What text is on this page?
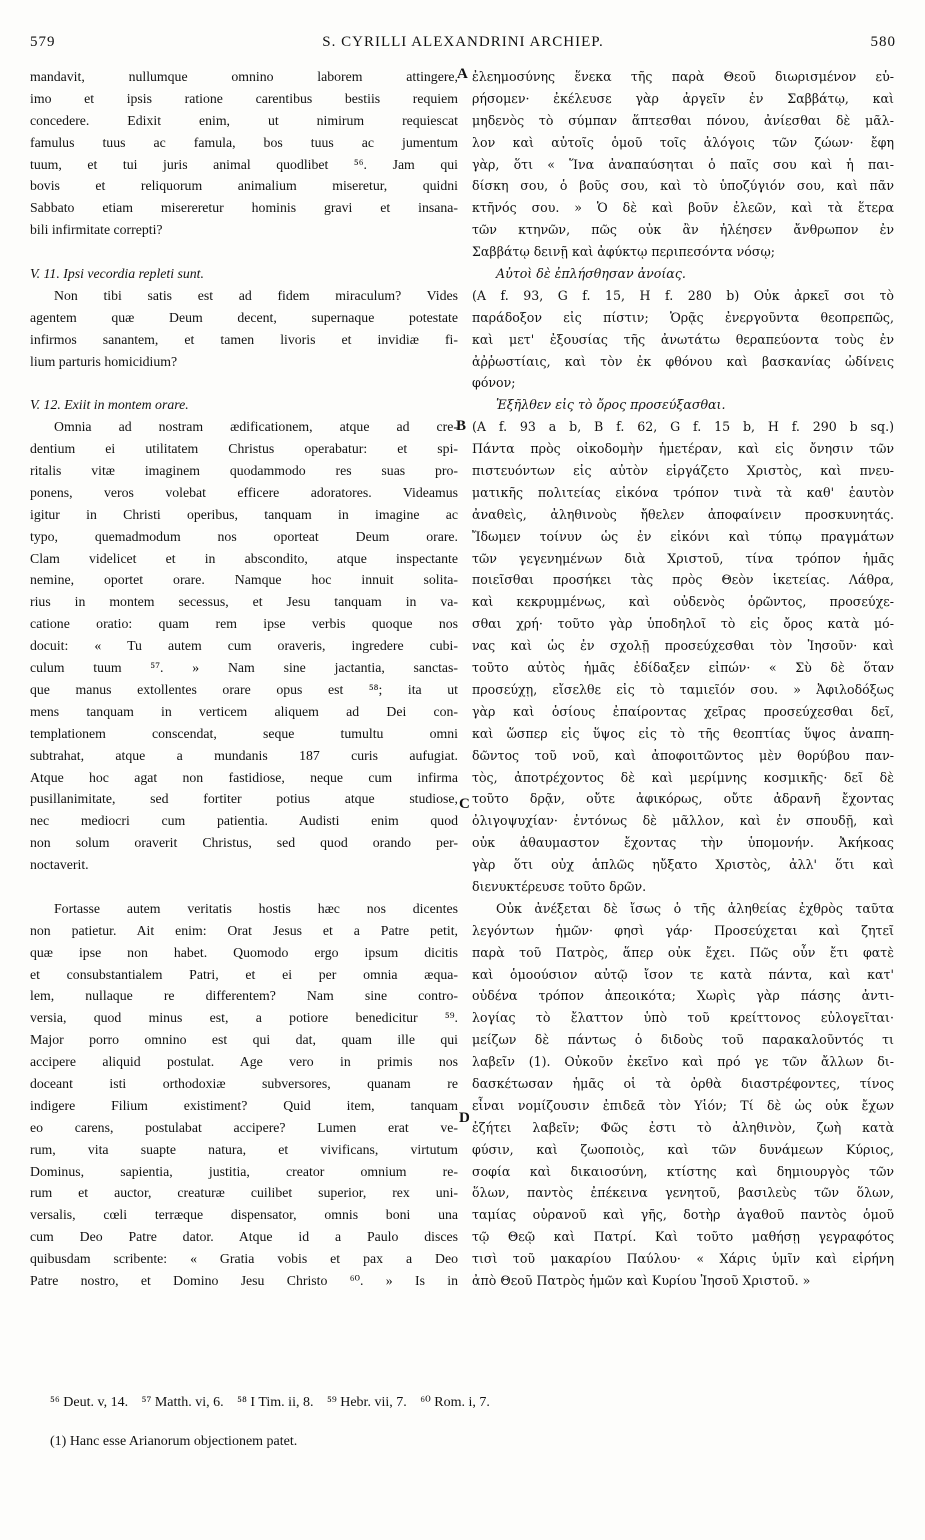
579	S. CYRILLI ALEXANDRINI ARCHIEP.	580
mandavit, nullumque omnino laborem attingere,
imo et ipsis ratione carentibus bestiis requiem
concedere. Edixit enim, ut nimirum requiescat
famulus tuus ac famula, bos tuus ac jumentum
tuum, et tui juris animal quodlibet ⁵⁶. Jam qui
bovis et reliquorum animalium miseretur, quidni
Sabbato etiam misereretur hominis gravi et insana-
bili infirmitate correpti?
V. 11. Ipsi vecordia repleti sunt.
Non tibi satis est ad fidem miraculum? Vides
agentem quæ Deum decent, supernaque potestate
infirmos sanantem, et tamen livoris et invidiæ fi-
lium parturis homicidium?
V. 12. Exiit in montem orare.
Omnia ad nostram ædificationem, atque ad cre-
dentium ei utilitatem Christus operabatur: et spi-
ritalis vitæ imaginem quodammodo res suas pro-
ponens, veros volebat efficere adoratores. Videamus
igitur in Christi operibus, tanquam in imagine ac
typo, quemadmodum nos oporteat Deum orare.
Clam videlicet et in abscondito, atque inspectante
nemine, oportet orare. Namque hoc innuit solita-
rius in montem secessus, et Jesu tanquam in va-
catione oratio: quam rem ipse verbis quoque nos
docuit: « Tu autem cum oraveris, ingredere cubi-
culum tuum ⁵⁷. » Nam sine jactantia, sanctas-
que manus extollentes orare opus est ⁵⁸; ita ut
mens tanquam in verticem aliquem ad Dei con-
templationem conscendat, seque tumultu omni
subtrahat, atque a mundanis 187 curis aufugiat.
Atque hoc agat non fastidiose, neque cum infirma
pusillanimitate, sed fortiter potius atque studiose,
nec mediocri cum patientia. Audisti enim quod
non solum oraverit Christus, sed quod orando per-
noctaverit.
Fortasse autem veritatis hostis hæc nos dicentes
non patietur. Ait enim: Orat Jesus et a Patre petit,
quæ ipse non habet. Quomodo ergo ipsum dicitis
et consubstantialem Patri, et ei per omnia æqua-
lem, nullaque re differentem? Nam sine contro-
versia, quod minus est, a potiore benedicitur ⁵⁹.
Major porro omnino est qui dat, quam ille qui
accipere aliquid postulat. Age vero in primis nos
doceant isti orthodoxiæ subversores, quanam re
indigere Filium existiment? Quid item, tanquam
eo carens, postulabat accipere? Lumen erat ve-
rum, vita suapte natura, et vivificans, virtutum
Dominus, sapientia, justitia, creator omnium re-
rum et auctor, creaturæ cuilibet superior, rex uni-
versalis, cœli terræque dispensator, omnis boni una
cum Deo Patre dator. Atque id a Paulo disces
quibusdam scribente: « Gratia vobis et pax a Deo
Patre nostro, et Domino Jesu Christo ⁶⁰. » Is in
ἐλεημοσύνης ἕνεκα τῆς παρὰ Θεοῦ διωρισμένον εὑ-
ρήσομεν· ἐκέλευσε γὰρ ἀργεῖν ἐν Σαββάτῳ, καὶ
μηδενὸς τὸ σύμπαν ἅπτεσθαι πόνου, ἀνίεσθαι δὲ μᾶλ-
λον καὶ αὐτοῖς ὁμοῦ τοῖς ἀλόγοις τῶν ζώων· ἔφη
γὰρ, ὅτι « Ἵνα ἀναπαύσηται ὁ παῖς σου καὶ ἡ παι-
δίσκη σου, ὁ βοῦς σου, καὶ τὸ ὑποζύγιόν σου, καὶ πᾶν
κτῆνός σου. » Ὁ δὲ καὶ βοῦν ἐλεῶν, καὶ τὰ ἕτερα
τῶν κτηνῶν, πῶς οὐκ ἂν ἠλέησεν ἄνθρωπον ἐν
Σαββάτῳ δεινῇ καὶ ἀφύκτῳ περιπεσόντα νόσῳ;
Αὐτοὶ δὲ ἐπλήσθησαν ἀνοίας.
(A f. 93, G f. 15, H f. 280 b) Οὐκ ἀρκεῖ σοι τὸ
παράδοξον εἰς πίστιν; Ὁρᾷς ἐνεργοῦντα θεοπρεπῶς,
καὶ μετ' ἐξουσίας τῆς ἀνωτάτω θεραπεύοντα τοὺς ἐν
ἀῤῥωστίαις, καὶ τὸν ἐκ φθόνου καὶ βασκανίας ὠδίνεις
φόνον;
Ἐξῆλθεν εἰς τὸ ὄρος προσεύξασθαι.
(A f. 93 a b, B f. 62, G f. 15 b, H f. 290 b sq.)
Πάντα πρὸς οἰκοδομὴν ἡμετέραν, καὶ εἰς ὄνησιν τῶν
πιστευόντων εἰς αὐτὸν εἰργάζετο Χριστὸς, καὶ πνευ-
ματικῆς πολιτείας εἰκόνα τρόπον τινὰ τὰ καθ' ἑαυτὸν
ἀναθεὶς, ἀληθινοὺς ἤθελεν ἀποφαίνειν προσκυνητάς.
Ἴδωμεν τοίνυν ὡς ἐν εἰκόνι καὶ τύπῳ πραγμάτων
τῶν γεγενημένων διὰ Χριστοῦ, τίνα τρόπον ἡμᾶς
ποιεῖσθαι προσήκει τὰς πρὸς Θεὸν ἱκετείας. Λάθρα,
καὶ κεκρυμμένως, καὶ οὐδενὸς ὁρῶντος, προσεύχε-
σθαι χρή· τοῦτο γὰρ ὑποδηλοῖ τὸ εἰς ὄρος κατὰ μό-
νας καὶ ὡς ἐν σχολῇ προσεύχεσθαι τὸν Ἰησοῦν· καὶ
τοῦτο αὐτὸς ἡμᾶς ἐδίδαξεν εἰπών· « Σὺ δὲ ὅταν
προσεύχῃ, εἴσελθε εἰς τὸ ταμιεῖόν σου. » Ἀφιλοδόξως
γὰρ καὶ ὁσίους ἐπαίροντας χεῖρας προσεύχεσθαι δεῖ,
καὶ ὥσπερ εἰς ὕψος εἰς τὸ τῆς θεοπτίας ὕψος ἀναπη-
δῶντος τοῦ νοῦ, καὶ ἀποφοιτῶντος μὲν θορύβου παν-
τὸς, ἀποτρέχοντος δὲ καὶ μερίμνης κοσμικῆς· δεῖ δὲ
τοῦτο δρᾷν, οὔτε ἀφικόρως, οὔτε ἀδρανῆ ἔχοντας
ὀλιγοψυχίαν· ἐντόνως δὲ μᾶλλον, καὶ ἐν σπουδῇ, καὶ
οὐκ ἀθαυμαστον ἔχοντας τὴν ὑπομονήν. Ἀκήκοας
γὰρ ὅτι οὐχ ἁπλῶς ηὔξατο Χριστὸς, ἀλλ' ὅτι καὶ
διενυκτέρευσε τοῦτο δρῶν.
Οὐκ ἀνέξεται δὲ ἴσως ὁ τῆς ἀληθείας ἐχθρὸς ταῦτα
λεγόντων ἡμῶν· φησὶ γάρ· Προσεύχεται καὶ ζητεῖ
παρὰ τοῦ Πατρὸς, ἅπερ οὐκ ἔχει. Πῶς οὖν ἔτι φατὲ
καὶ ὁμοούσιον αὐτῷ ἴσον τε κατὰ πάντα, καὶ κατ'
οὐδένα τρόπον ἀπεοικότα; Χωρὶς γὰρ πάσης ἀντι-
λογίας τὸ ἔλαττον ὑπὸ τοῦ κρείττονος εὐλογεῖται·
μείζων δὲ πάντως ὁ διδοὺς τοῦ παρακαλοῦντός τι
λαβεῖν (1). Οὐκοῦν ἐκεῖνο καὶ πρό γε τῶν ἄλλων δι-
δασκέτωσαν ἡμᾶς οἱ τὰ ὀρθὰ διαστρέφοντες, τίνος
εἶναι νομίζουσιν ἐπιδεᾶ τὸν Υἱόν; Τί δὲ ὡς οὐκ ἔχων
ἐζήτει λαβεῖν; Φῶς ἐστι τὸ ἀληθινὸν, ζωὴ κατὰ
φύσιν, καὶ ζωοποιὸς, καὶ τῶν δυνάμεων Κύριος,
σοφία καὶ δικαιοσύνη, κτίστης καὶ δημιουργὸς τῶν
ὅλων, παντὸς ἐπέκεινα γενητοῦ, βασιλεὺς τῶν ὅλων,
ταμίας οὐρανοῦ καὶ γῆς, δοτὴρ ἀγαθοῦ παντὸς ὁμοῦ
τῷ Θεῷ καὶ Πατρί. Καὶ τοῦτο μαθήσῃ γεγραφότος
τισὶ τοῦ μακαρίου Παύλου· « Χάρις ὑμῖν καὶ εἰρήνη
ἀπὸ Θεοῦ Πατρὸς ἡμῶν καὶ Κυρίου Ἰησοῦ Χριστοῦ. »
A
B
C
D
⁵⁶ Deut. v, 14. ⁵⁷ Matth. vi, 6. ⁵⁸ I Tim. ii, 8. ⁵⁹ Hebr. vii, 7. ⁶⁰ Rom. i, 7.
(1) Hanc esse Arianorum objectionem patet.
